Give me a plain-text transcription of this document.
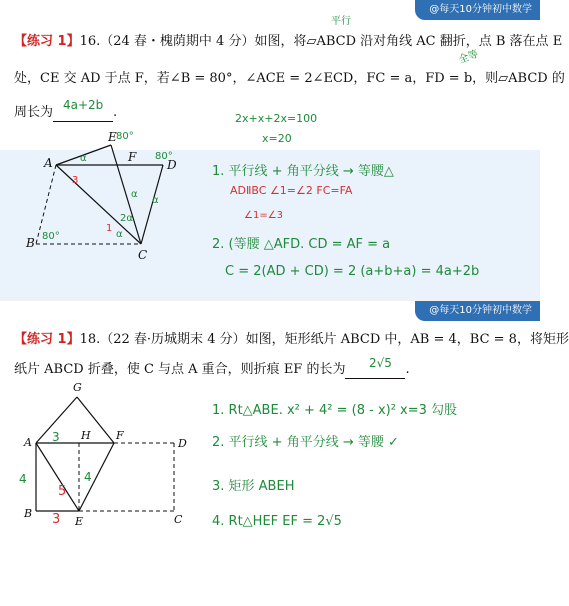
@每天10分钟初中数学
【练习 1】16.（24 春・槐荫期中 4 分）如图，将▱ABCD 沿对角线 AC 翻折，点 B 落在点 E
处，CE 交 AD 于点 F，若∠B = 80°，∠ACE = 2∠ECD，FC = a，FD = b，则▱ABCD 的
周长为	.
4a+2b
平行
全等
2x+x+2x=100
x=20
1. 平行线 + 角平分线 → 等腰△
ADⅡBC ∠1=∠2 FC=FA
∠1=∠3
2. (等腰 △AFD. CD = AF = a
C = 2(AD + CD) = 2 (a+b+a) = 4a+2b
A
B
C
D
E
F
80°
80°
80°
α
α
α
2α
α
3
1
@每天10分钟初中数学
【练习 1】18.（22 春·历城期末 4 分）如图，矩形纸片 ABCD 中，AB = 4，BC = 8，将矩形
纸片 ABCD 折叠，使 C 与点 A 重合，则折痕 EF 的长为	.
2√5
1. Rt△ABE. x² + 4² = (8 - x)² x=3 勾股
2. 平行线 + 角平分线 → 等腰 ✓
3. 矩形 ABEH
4. Rt△HEF EF = 2√5
A
B	C
D
E
F
G
H
3
4	4
5
3
